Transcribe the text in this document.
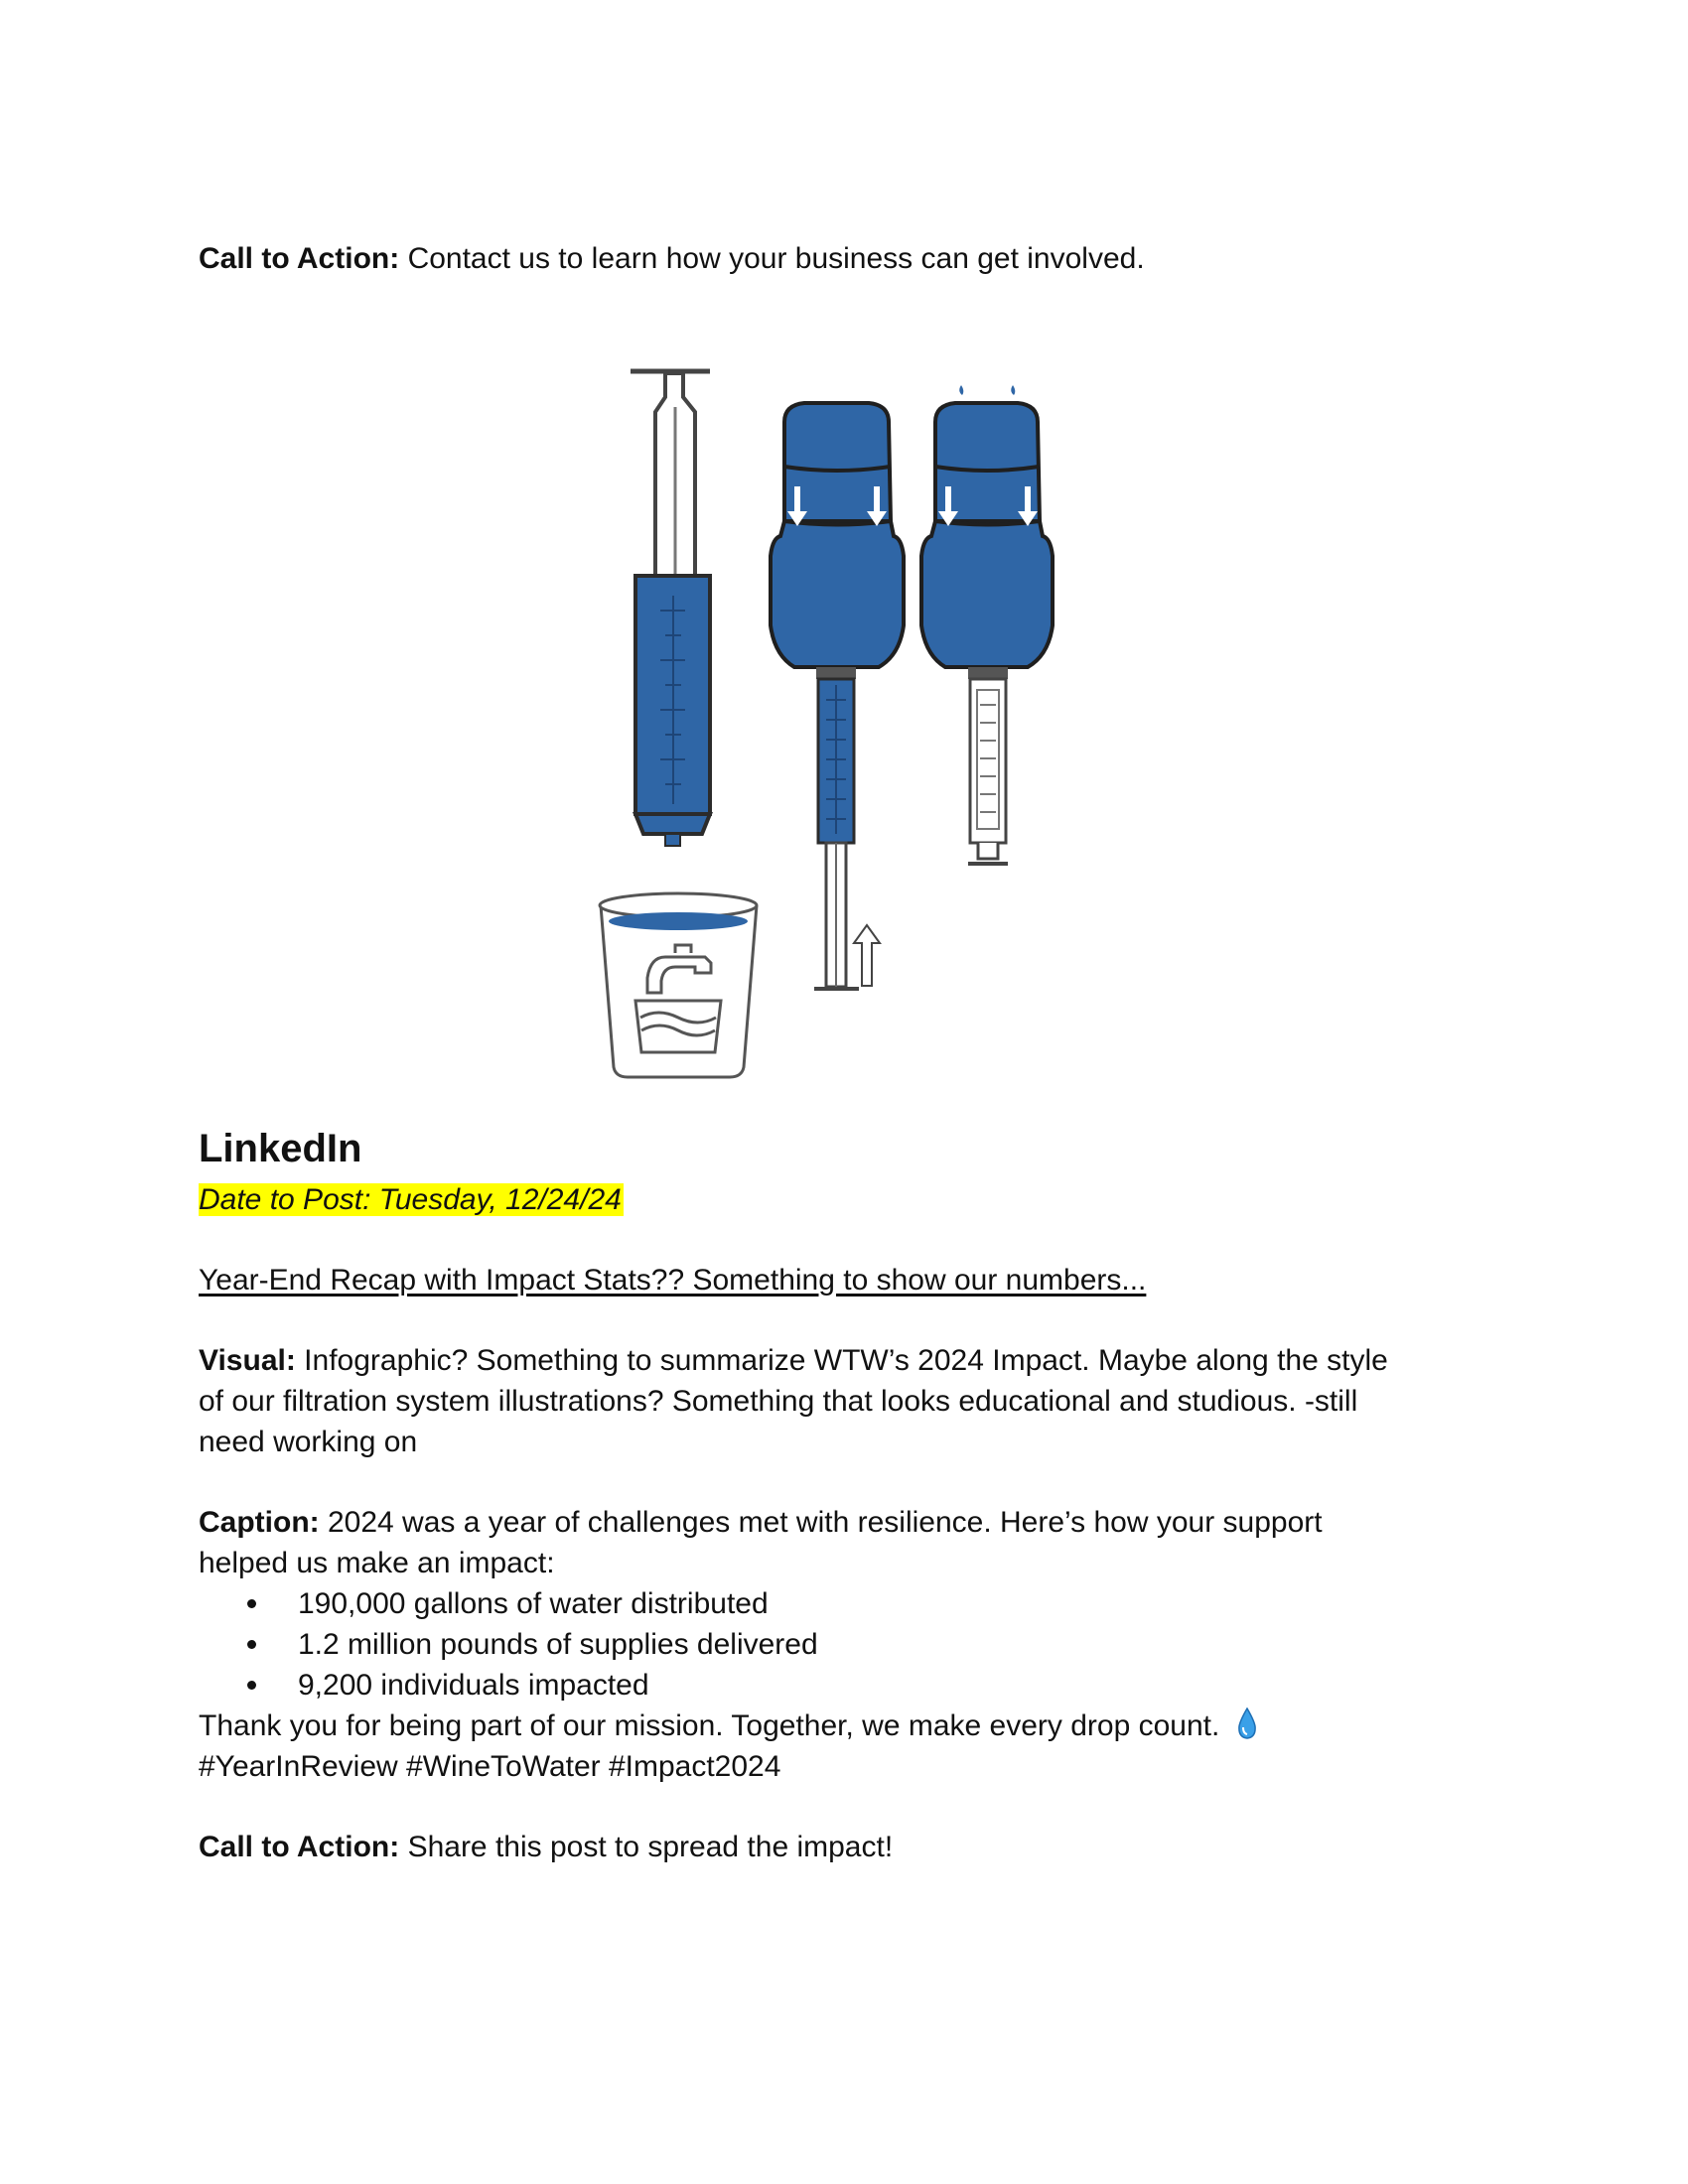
Call to Action: Contact us to learn how your business can get involved.
LinkedIn
Date to Post: Tuesday, 12/24/24
Year-End Recap with Impact Stats?? Something to show our numbers...
Visual: Infographic? Something to summarize WTW’s 2024 Impact. Maybe along the style
of our filtration system illustrations? Something that looks educational and studious. -still
need working on
Caption: 2024 was a year of challenges met with resilience. Here’s how your support
helped us make an impact:
190,000 gallons of water distributed
1.2 million pounds of supplies delivered
9,200 individuals impacted
Thank you for being part of our mission. Together, we make every drop count.
#YearInReview #WineToWater #Impact2024
Call to Action: Share this post to spread the impact!
